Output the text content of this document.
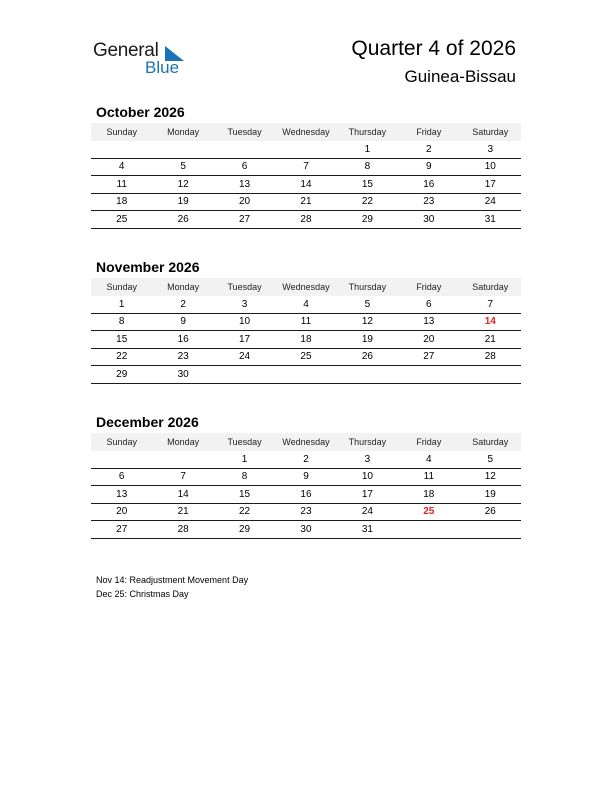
General
Blue
Quarter 4 of 2026
Guinea-Bissau
October 2026
Sunday	Monday	Tuesday	Wednesday	Thursday	Friday	Saturday
				1	2	3
4	5	6	7	8	9	10
11	12	13	14	15	16	17
18	19	20	21	22	23	24
25	26	27	28	29	30	31
November 2026
Sunday	Monday	Tuesday	Wednesday	Thursday	Friday	Saturday
1	2	3	4	5	6	7
8	9	10	11	12	13	14
15	16	17	18	19	20	21
22	23	24	25	26	27	28
29	30					
December 2026
Sunday	Monday	Tuesday	Wednesday	Thursday	Friday	Saturday
		1	2	3	4	5
6	7	8	9	10	11	12
13	14	15	16	17	18	19
20	21	22	23	24	25	26
27	28	29	30	31		
Nov 14: Readjustment Movement Day
Dec 25: Christmas Day
